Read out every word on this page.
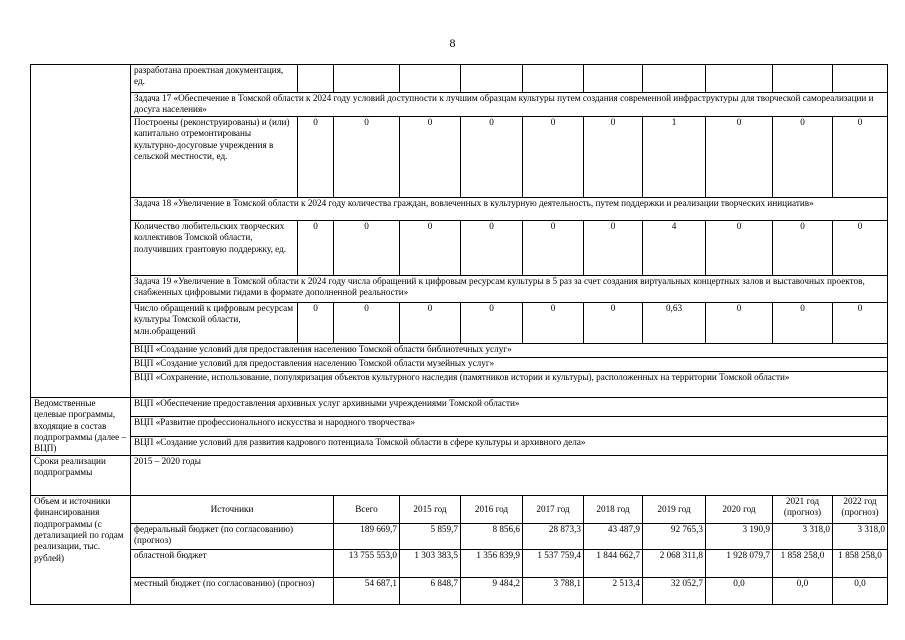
8
	разработана проектная документация, ед.										
	Задача 17 «Обеспечение в Томской области к 2024 году условий доступности к лучшим образцам культуры путем создания современной инфраструктуры для творческой самореализации и досуга населения»										
	Построены (реконструированы) и (или) капитально отремонтированы культурно-досуговые учреждения в сельской местности, ед.	0	0	0	0	0	0	1	0	0	0
	Задача 18 «Увеличение в Томской области к 2024 году количества граждан, вовлеченных в культурную деятельность, путем поддержки и реализации творческих инициатив»										
	Количество любительских творческих коллективов Томской области, получивших грантовую поддержку, ед.	0	0	0	0	0	0	4	0	0	0
	Задача 19 «Увеличение в Томской области к 2024 году числа обращений к цифровым ресурсам культуры в 5 раз за счет создания виртуальных концертных залов и выставочных проектов, снабженных цифровыми гидами в формате дополненной реальности»										
	Число обращений к цифровым ресурсам культуры Томской области, млн.обращений	0	0	0	0	0	0	0,63	0	0	0
	ВЦП «Создание условий для предоставления населению Томской области библиотечных услуг»										
	ВЦП «Создание условий для предоставления населению Томской области музейных услуг»										
	ВЦП «Сохранение, использование, популяризация объектов культурного наследия (памятников истории и культуры), расположенных на территории Томской области»										
Ведомственные целевые программы, входящие в состав подпрограммы (далее – ВЦП)	ВЦП «Обеспечение предоставления архивных услуг архивными учреждениями Томской области»										
	ВЦП «Развитие профессионального искусства и народного творчества»										
	ВЦП «Создание условий для развития кадрового потенциала Томской области в сфере культуры и архивного дела»										
Сроки реализации подпрограммы	2015 – 2020 годы										
Объем и источники финансирования подпрограммы (с детализацией по годам реализации, тыс. рублей)	Источники		Всего	2015 год	2016 год	2017 год	2018 год	2019 год	2020 год	2021 год (прогноз)	2022 год (прогноз)
	федеральный бюджет (по согласованию) (прогноз)		189 669,7	5 859,7	8 856,6	28 873,3	43 487,9	92 765,3	3 190,9	3 318,0	3 318,0
	областной бюджет		13 755 553,0	1 303 383,5	1 356 839,9	1 537 759,4	1 844 662,7	2 068 311,8	1 928 079,7	1 858 258,0	1 858 258,0
	местный бюджет (по согласованию) (прогноз)		54 687,1	6 848,7	9 484,2	3 788,1	2 513,4	32 052,7	0,0	0,0	0,0
